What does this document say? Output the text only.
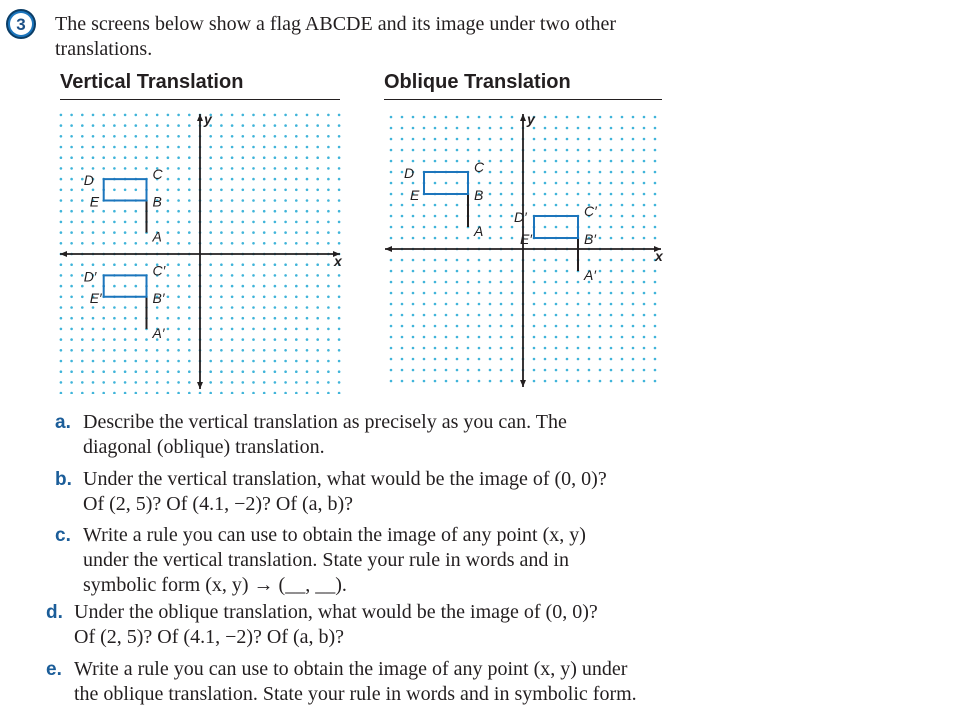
3	The screens below show a flag ABCDE and its image under two other
translations.
Vertical Translation	Oblique Translation
x
y
A
B
C
D
E
A′
B′
C′
D′
E′
x
y
A
B
C
D
E
A′
B′
C′
D′
E′
a. Describe the vertical translation as precisely as you can. The
diagonal (oblique) translation.
b. Under the vertical translation, what would be the image of (0, 0)?
Of (2, 5)? Of (4.1, −2)? Of (a, b)?
c. Write a rule you can use to obtain the image of any point (x, y)
under the vertical translation. State your rule in words and in
symbolic form (x, y) → (__, __).
d. Under the oblique translation, what would be the image of (0, 0)?
Of (2, 5)? Of (4.1, −2)? Of (a, b)?
e. Write a rule you can use to obtain the image of any point (x, y) under
the oblique translation. State your rule in words and in symbolic form.
